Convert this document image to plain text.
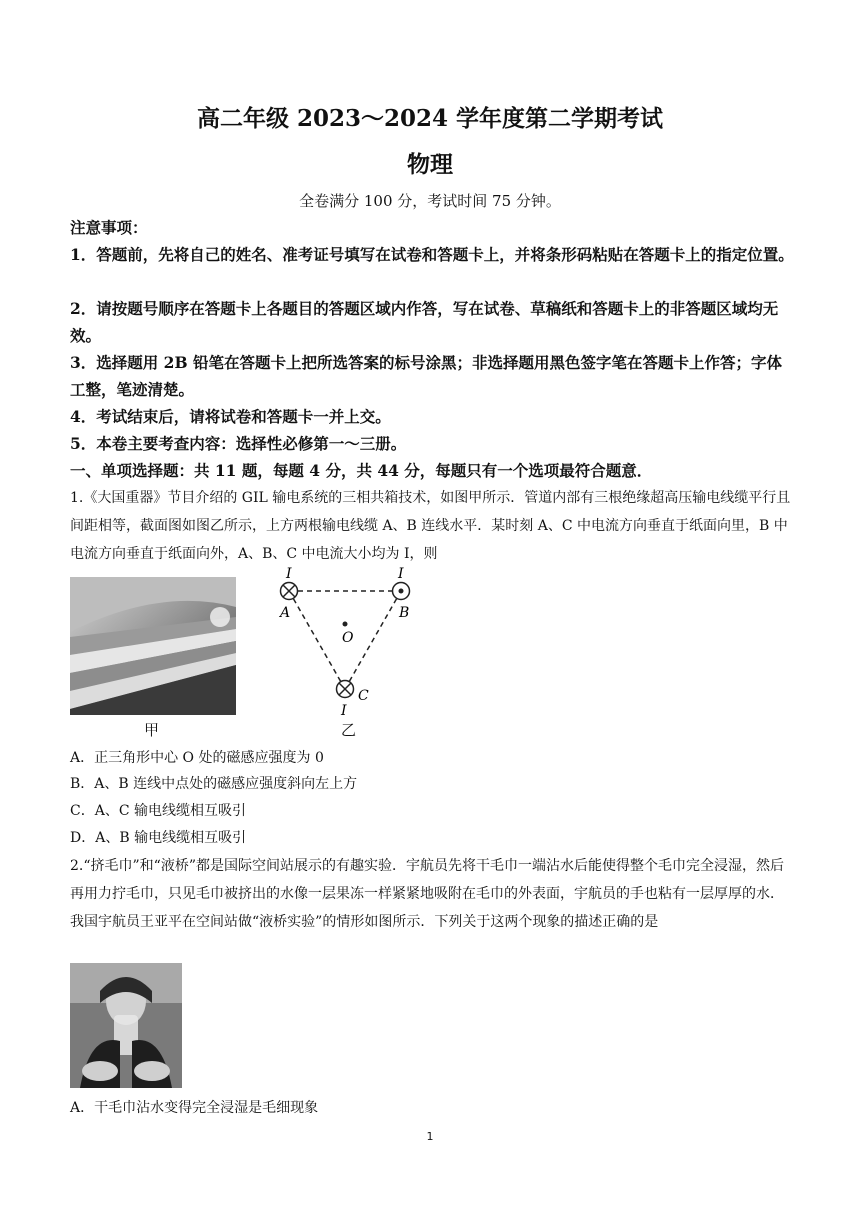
高二年级 2023～2024 学年度第二学期考试
物理
全卷满分 100 分，考试时间 75 分钟。
注意事项：
1．答题前，先将自己的姓名、准考证号填写在试卷和答题卡上，并将条形码粘贴在答题卡上的指定位置。
2．请按题号顺序在答题卡上各题目的答题区域内作答，写在试卷、草稿纸和答题卡上的非答题区域均无效。
3．选择题用 2B 铅笔在答题卡上把所选答案的标号涂黑；非选择题用黑色签字笔在答题卡上作答；字体工整，笔迹清楚。
4．考试结束后，请将试卷和答题卡一并上交。
5．本卷主要考查内容：选择性必修第一～三册。
一、单项选择题：共 11 题，每题 4 分，共 44 分，每题只有一个选项最符合题意．
1.《大国重器》节目介绍的 GIL 输电系统的三相共箱技术，如图甲所示．管道内部有三根绝缘超高压输电线缆平行且间距相等，截面图如图乙所示，上方两根输电线缆 A、B 连线水平．某时刻 A、C 中电流方向垂直于纸面向里，B 中电流方向垂直于纸面向外，A、B、C 中电流大小均为 I，则
甲
I	I
I
A	B
C
O
乙
A．正三角形中心 O 处的磁感应强度为 0
B．A、B 连线中点处的磁感应强度斜向左上方
C．A、C 输电线缆相互吸引
D．A、B 输电线缆相互吸引
2.“挤毛巾”和“液桥”都是国际空间站展示的有趣实验．宇航员先将干毛巾一端沾水后能使得整个毛巾完全浸湿，然后再用力拧毛巾，只见毛巾被挤出的水像一层果冻一样紧紧地吸附在毛巾的外表面，宇航员的手也粘有一层厚厚的水．我国宇航员王亚平在空间站做“液桥实验”的情形如图所示．下列关于这两个现象的描述正确的是
A．干毛巾沾水变得完全浸湿是毛细现象
1
